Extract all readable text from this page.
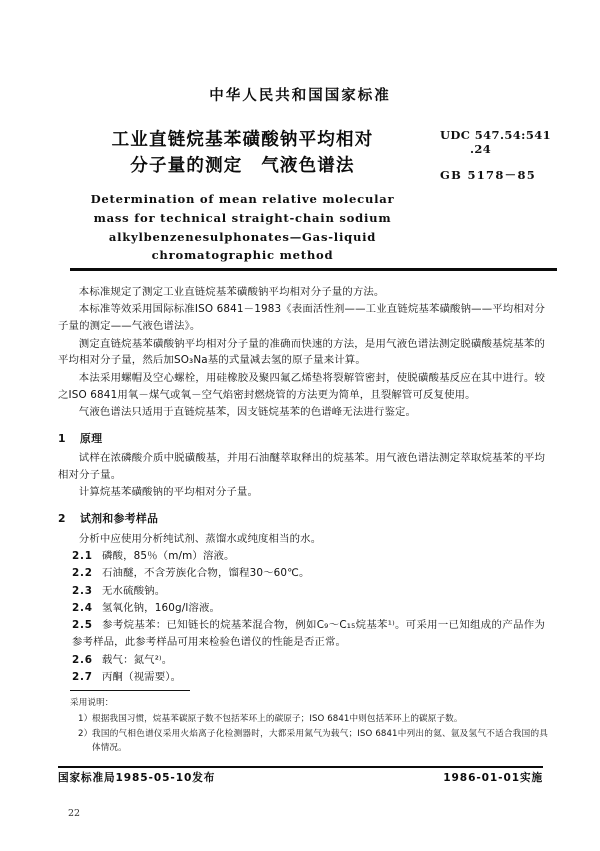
中华人民共和国国家标准
工业直链烷基苯磺酸钠平均相对
分子量的测定　气液色谱法
UDC 547.54:541
.24
GB 5178－85
Determination of mean relative molecular
mass for technical straight-chain sodium
alkylbenzenesulphonates—Gas-liquid
chromatographic method

本标准规定了测定工业直链烷基苯磺酸钠平均相对分子量的方法。

本标准等效采用国际标准ISO 6841－1983《表面活性剂——工业直链烷基苯磺酸钠——平均相对分子量的测定——气液色谱法》。

测定直链烷基苯磺酸钠平均相对分子量的准确而快速的方法，是用气液色谱法测定脱磺酸基烷基苯的平均相对分子量，然后加SO₃Na基的式量减去氢的原子量来计算。

本法采用螺帽及空心螺栓，用硅橡胶及聚四氟乙烯垫将裂解管密封，使脱磺酸基反应在其中进行。较之ISO 6841用氧－煤气或氧－空气焰密封燃烧管的方法更为简单，且裂解管可反复使用。

气液色谱法只适用于直链烷基苯，因支链烷基苯的色谱峰无法进行鉴定。

1 原理

试样在浓磷酸介质中脱磺酸基，并用石油醚萃取释出的烷基苯。用气液色谱法测定萃取烷基苯的平均相对分子量。

计算烷基苯磺酸钠的平均相对分子量。

2 试剂和参考样品

分析中应使用分析纯试剂、蒸馏水或纯度相当的水。

2.1 磷酸，85％（m/m）溶液。

2.2 石油醚，不含芳族化合物，馏程30～60℃。

2.3 无水硫酸钠。

2.4 氢氧化钠，160g/l溶液。

2.5 参考烷基苯：已知链长的烷基苯混合物，例如C₉～C₁₅烷基苯¹⁾。可采用一已知组成的产品作为参考样品，此参考样品可用来检验色谱仪的性能是否正常。

2.6 载气：氮气²⁾。

2.7 丙酮（视需要）。

采用说明：
1） 根据我国习惯，烷基苯碳原子数不包括苯环上的碳原子；ISO 6841中则包括苯环上的碳原子数。
2） 我国的气相色谱仪采用火焰离子化检测器时，大都采用氮气为载气；ISO 6841中列出的氦、氩及氢气不适合我国的具体情况。
国家标准局1985-05-10发布	1986-01-01实施
22
